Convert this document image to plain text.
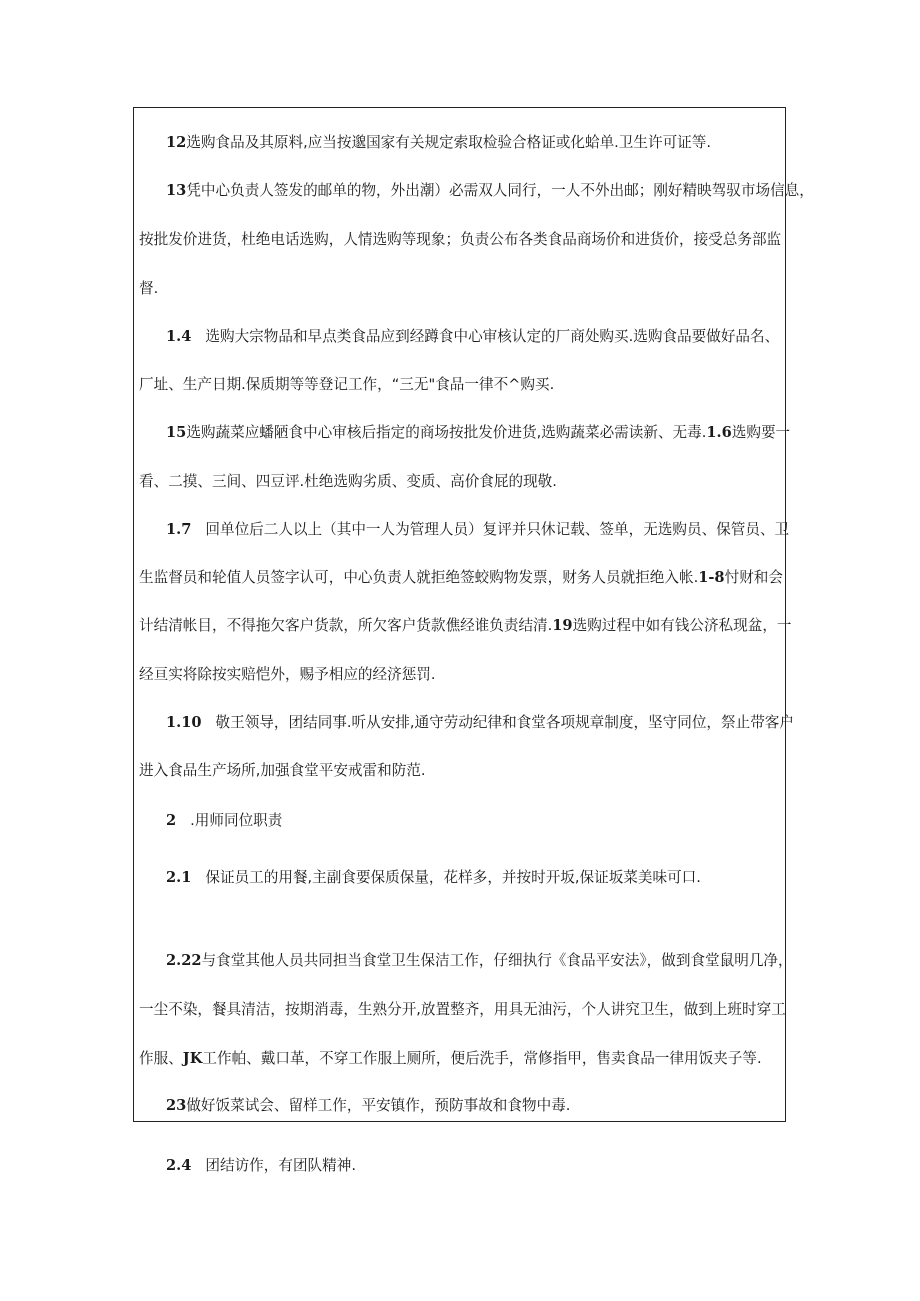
12选购食品及其原料,应当按邈国家有关规定索取检验合格证或化蛤单.卫生许可证等.
13凭中心负责人签发的邮单的物，外出潮）必需双人同行，一人不外出邮；刚好精映驾驭市场信息，
按批发价进货，杜绝电话选购，人情选购等现象；负责公布各类食品商场价和进货价，接受总务部监
督.
1.4 选购大宗物品和早点类食品应到经蹲食中心审核认定的厂商处购买.选购食品要做好品名、
厂址、生产日期.保质期等等登记工作，“三无"食品一律不^购买.
15选购蔬菜应蟠陋食中心审核后指定的商场按批发价进货,选购蔬菜必需读新、无毒.1.6选购要一
看、二摸、三间、四豆评.杜绝选购劣质、变质、高价食屁的现敬.
1.7 回单位后二人以上（其中一人为管理人员）复评并只休记载、签单，无选购员、保管员、卫
生监督员和轮值人员签字认可，中心负责人就拒绝签蛟购物发票，财务人员就拒绝入帐.1-8忖财和会
计结清帐目，不得拖欠客户货款，所欠客户货款僬经谁负责结清.19选购过程中如有钱公济私现盆，一
经亘实将除按实赔恺外，赐予相应的经济惩罚.
1.10 敬王领导，团结同事.听从安排,通守劳动纪律和食堂各项规章制度，坚守同位，祭止带客户
进入食品生产场所,加强食堂平安戒雷和防范.
2 .用师同位职责
2.1 保证员工的用餐,主副食要保质保量，花样多，并按时开坂,保证坂菜美味可口.
2.22与食堂其他人员共同担当食堂卫生保洁工作，仔细执行《食品平安法》，做到食堂鼠明几净，
一尘不染，餐具清洁，按期消毒，生熟分开,放置整齐，用具无油污，个人讲究卫生，做到上班时穿工
作服、JK工作帕、戴口革，不穿工作服上厕所，便后洗手，常修指甲，售卖食品一律用饭夹子等.
23做好饭菜试会、留样工作，平安镇作，预防事故和食物中毒.
2.4 团结访作，有团队精神.
